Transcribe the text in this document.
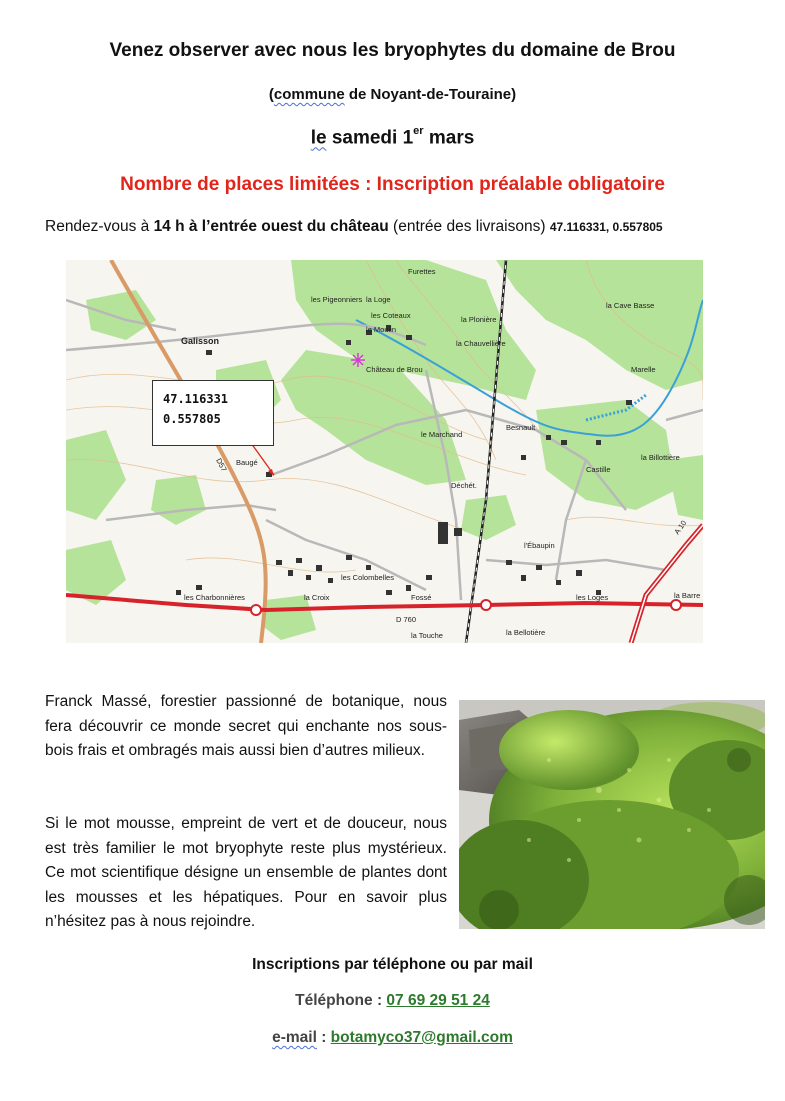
Venez observer avec nous les bryophytes du domaine de Brou
(commune de Noyant-de-Touraine)
le samedi 1er mars
Nombre de places limitées : Inscription préalable obligatoire
Rendez-vous à 14 h à l’entrée ouest du château (entrée des livraisons) 47.116331, 0.557805
Galisson
Château de Brou
les Pigeonniers la Loge
les Coteaux
le Moulin
Furettes
la Plonière
la Chauvellière
la Cave Basse
Marelle
le Marchand
Besnault
Baugé
Déchét.
Castille
la Billottière
l'Ébaupin
les Colombelles
les Charbonnières	la Croix	Fossé	les Loges
la Touche	la Bellotière
la Barre
D 760
D57
A 10
47.116331
0.557805
Franck Massé, forestier passionné de botanique, nous fera découvrir ce monde secret qui enchante nos sous-bois frais et ombragés mais aussi bien d’autres milieux.
Si le mot mousse, empreint de vert et de douceur, nous est très familier le mot bryophyte reste plus mystérieux. Ce mot scientifique désigne un ensemble de plantes dont les mousses et les hépatiques. Pour en savoir plus n’hésitez pas à nous rejoindre.
Inscriptions par téléphone ou par mail
Téléphone : 07 69 29 51 24
e-mail : botamyco37@gmail.com
